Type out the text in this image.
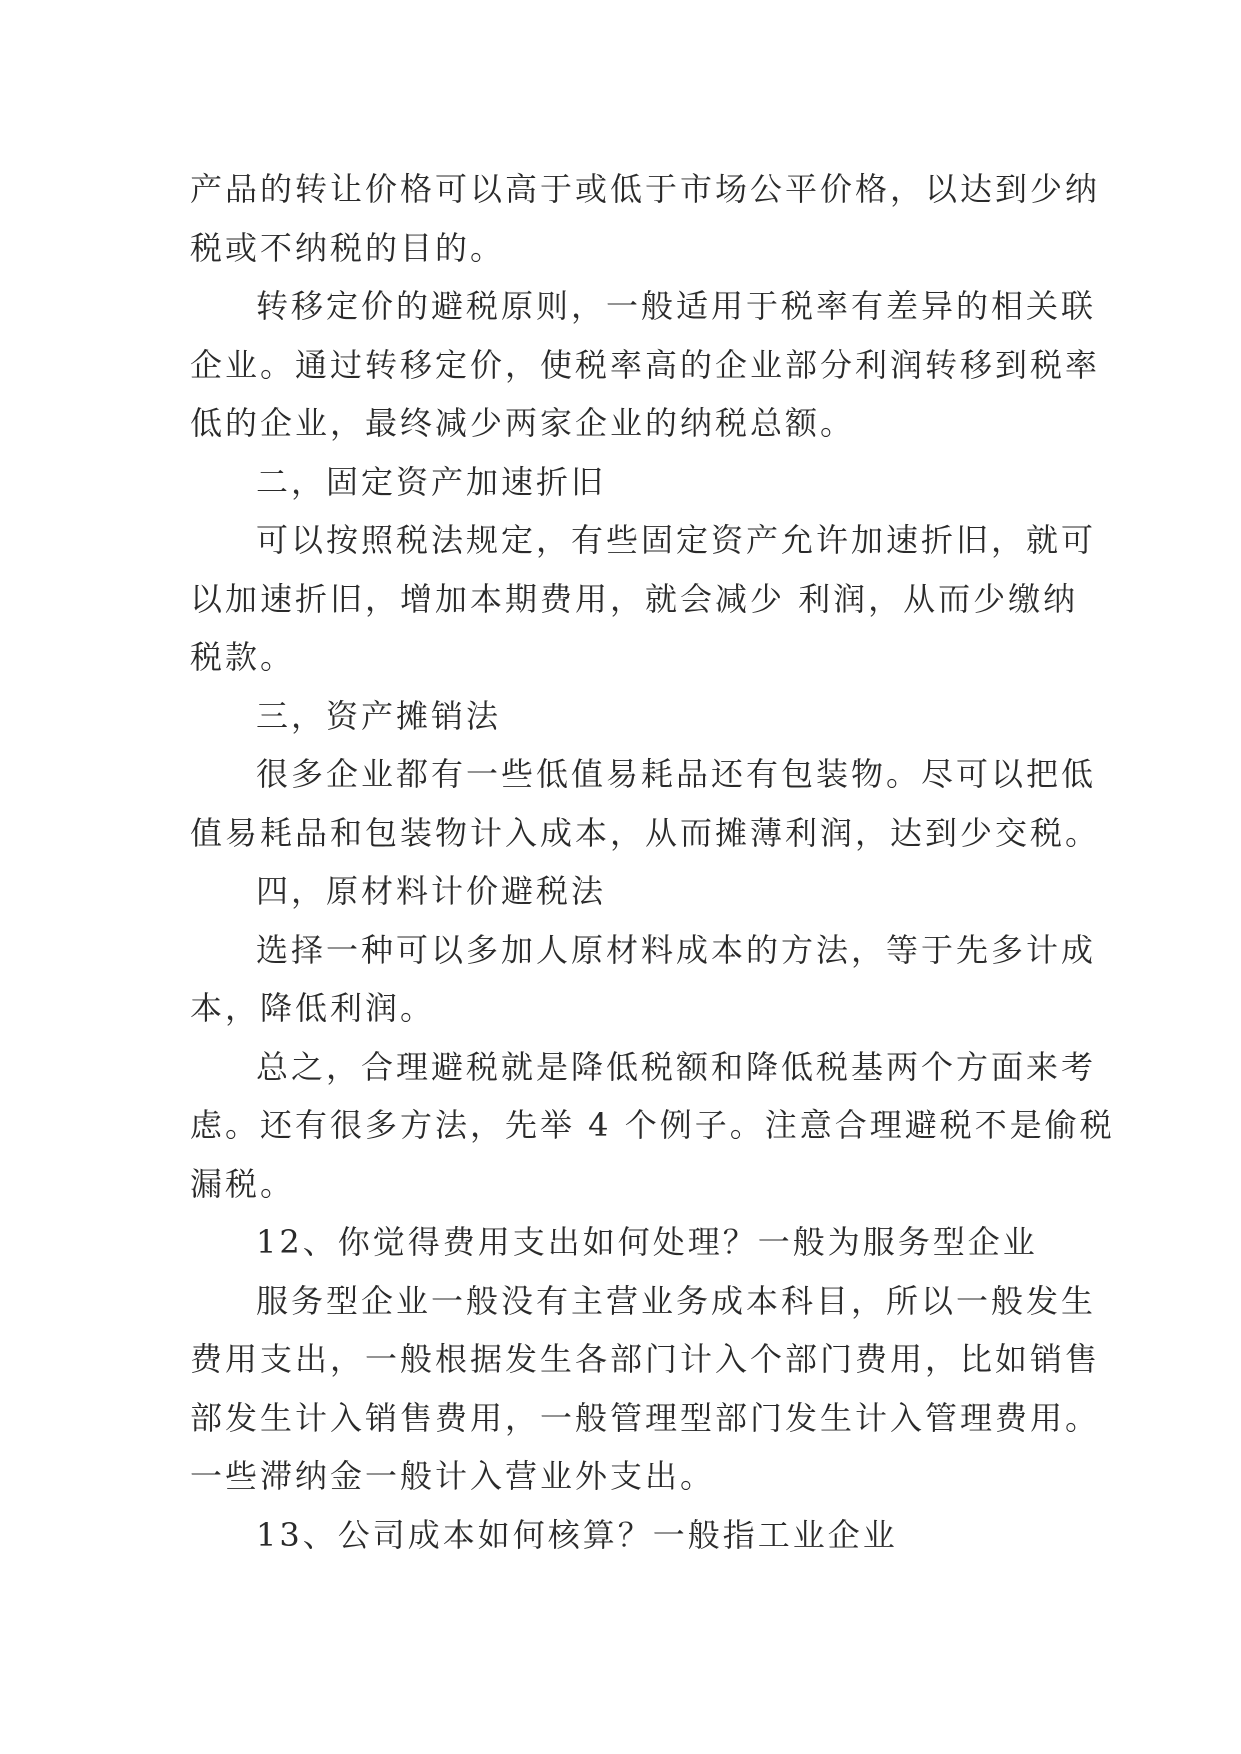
产品的转让价格可以高于或低于市场公平价格，以达到少纳
税或不纳税的目的。
转移定价的避税原则，一般适用于税率有差异的相关联
企业。通过转移定价，使税率高的企业部分利润转移到税率
低的企业，最终减少两家企业的纳税总额。
二，固定资产加速折旧
可以按照税法规定，有些固定资产允许加速折旧，就可
以加速折旧，增加本期费用，就会减少 利润，从而少缴纳
税款。
三，资产摊销法
很多企业都有一些低值易耗品还有包装物。尽可以把低
值易耗品和包装物计入成本，从而摊薄利润，达到少交税。
四，原材料计价避税法
选择一种可以多加人原材料成本的方法，等于先多计成
本，降低利润。
总之，合理避税就是降低税额和降低税基两个方面来考
虑。还有很多方法，先举 4 个例子。注意合理避税不是偷税
漏税。
12、你觉得费用支出如何处理？一般为服务型企业
服务型企业一般没有主营业务成本科目，所以一般发生
费用支出，一般根据发生各部门计入个部门费用，比如销售
部发生计入销售费用，一般管理型部门发生计入管理费用。
一些滞纳金一般计入营业外支出。
13、公司成本如何核算？一般指工业企业
